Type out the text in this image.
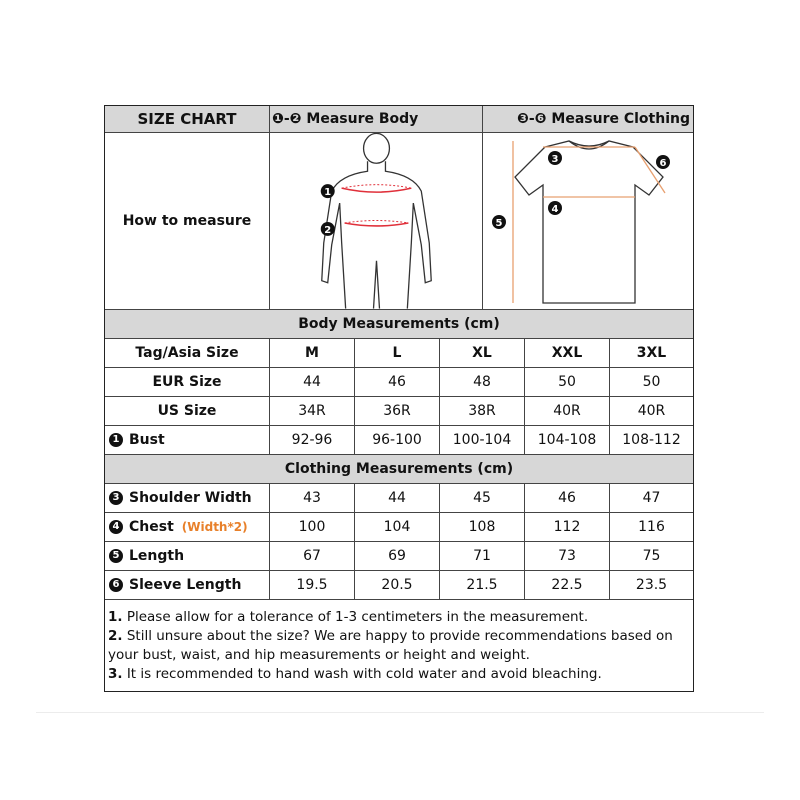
SIZE CHART	❶-❷ Measure Body	❸-❻ Measure Clothing
How to measure
1
2
3
4
5
6
Body Measurements (cm)
Tag/Asia Size	M	L	XL	XXL	3XL
EUR Size	44	46	48	50	50
US Size	34R	36R	38R	40R	40R
1 Bust	92-96	96-100	100-104	104-108	108-112
Clothing Measurements (cm)
3 Shoulder Width	43	44	45	46	47
4 Chest (Width*2)	100	104	108	112	116
5 Length	67	69	71	73	75
6 Sleeve Length	19.5	20.5	21.5	22.5	23.5

1. Please allow for a tolerance of 1-3 centimeters in the measurement.

2. Still unsure about the size? We are happy to provide recommendations based on your bust, waist, and hip measurements or height and weight.

3. It is recommended to hand wash with cold water and avoid bleaching.
